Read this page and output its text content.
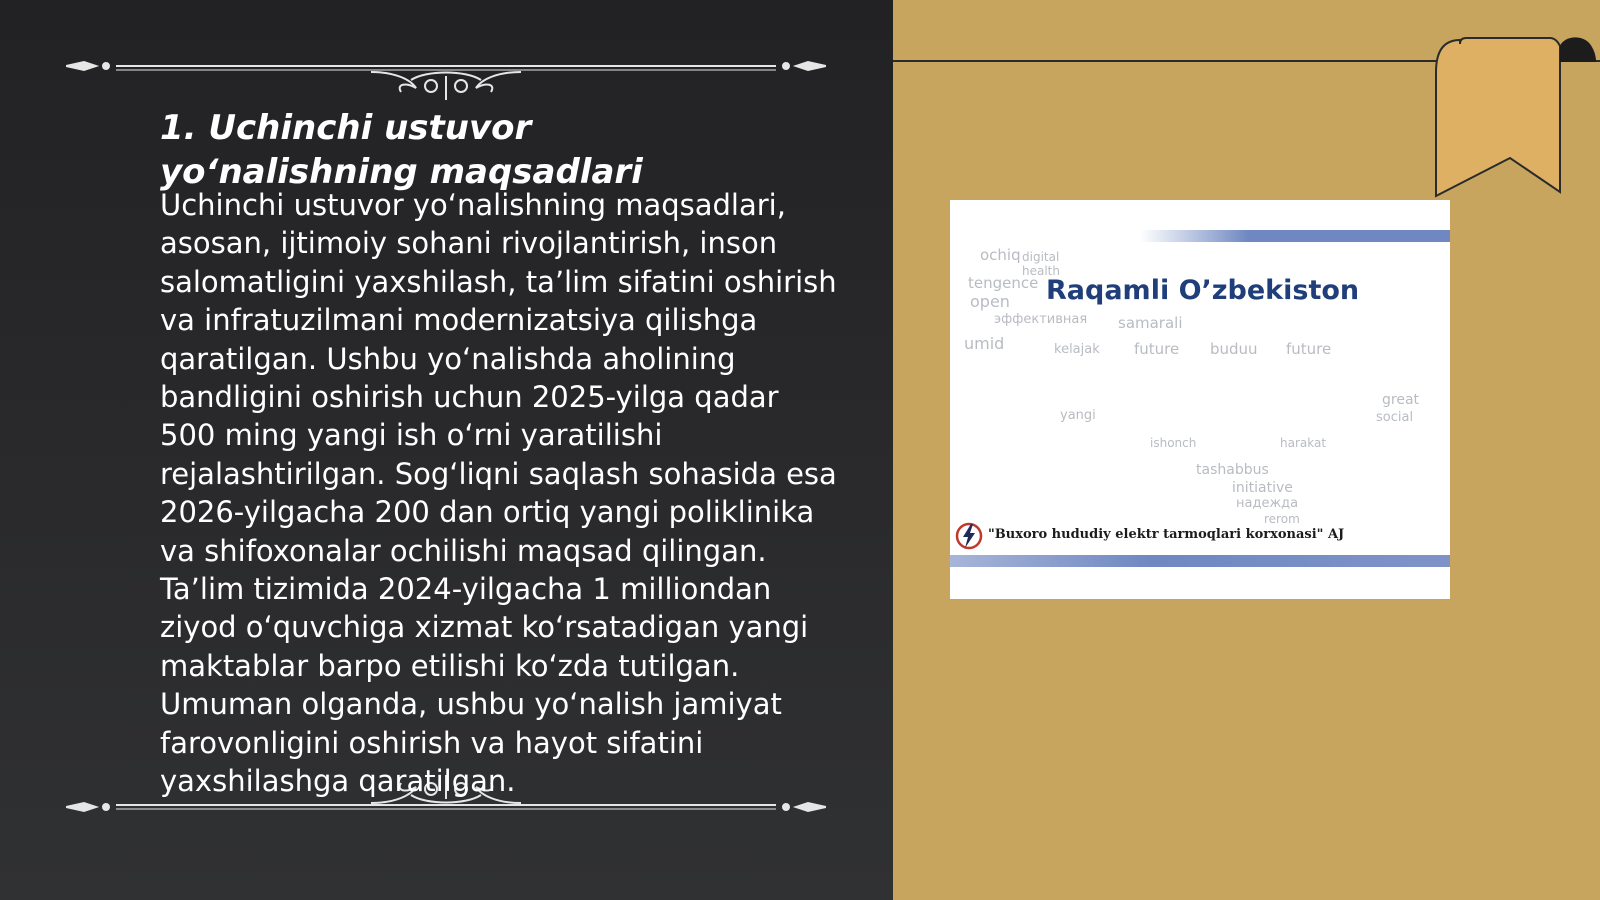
1. Uchinchi ustuvor yo‘nalishning maqsadlari

Uchinchi ustuvor yo‘nalishning maqsadlari, asosan, ijtimoiy sohani rivojlantirish, inson salomatligini yaxshilash, ta’lim sifatini oshirish va infratuzilmani modernizatsiya qilishga qaratilgan. Ushbu yo‘nalishda aholining bandligini oshirish uchun 2025-yilga qadar 500 ming yangi ish o‘rni yaratilishi rejalashtirilgan. Sog‘liqni saqlash sohasida esa 2026-yilgacha 200 dan ortiq yangi poliklinika va shifoxonalar ochilishi maqsad qilingan. Ta’lim tizimida 2024-yilgacha 1 milliondan ziyod o‘quvchiga xizmat ko‘rsatadigan yangi maktablar barpo etilishi ko‘zda tutilgan. Umuman olganda, ushbu yo‘nalish jamiyat farovonligini oshirish va hayot sifatini yaxshilashga qaratilgan.

ochiq digital
health
tengence
open
эффективная samarali
umid	kelajak future buduu future
great
social
tashabbus
initiative
надежда
rerom
yangi
ishonch	harakat
Raqamli O’zbekiston
"Buxoro hududiy elektr tarmoqlari korxonasi" AJ
